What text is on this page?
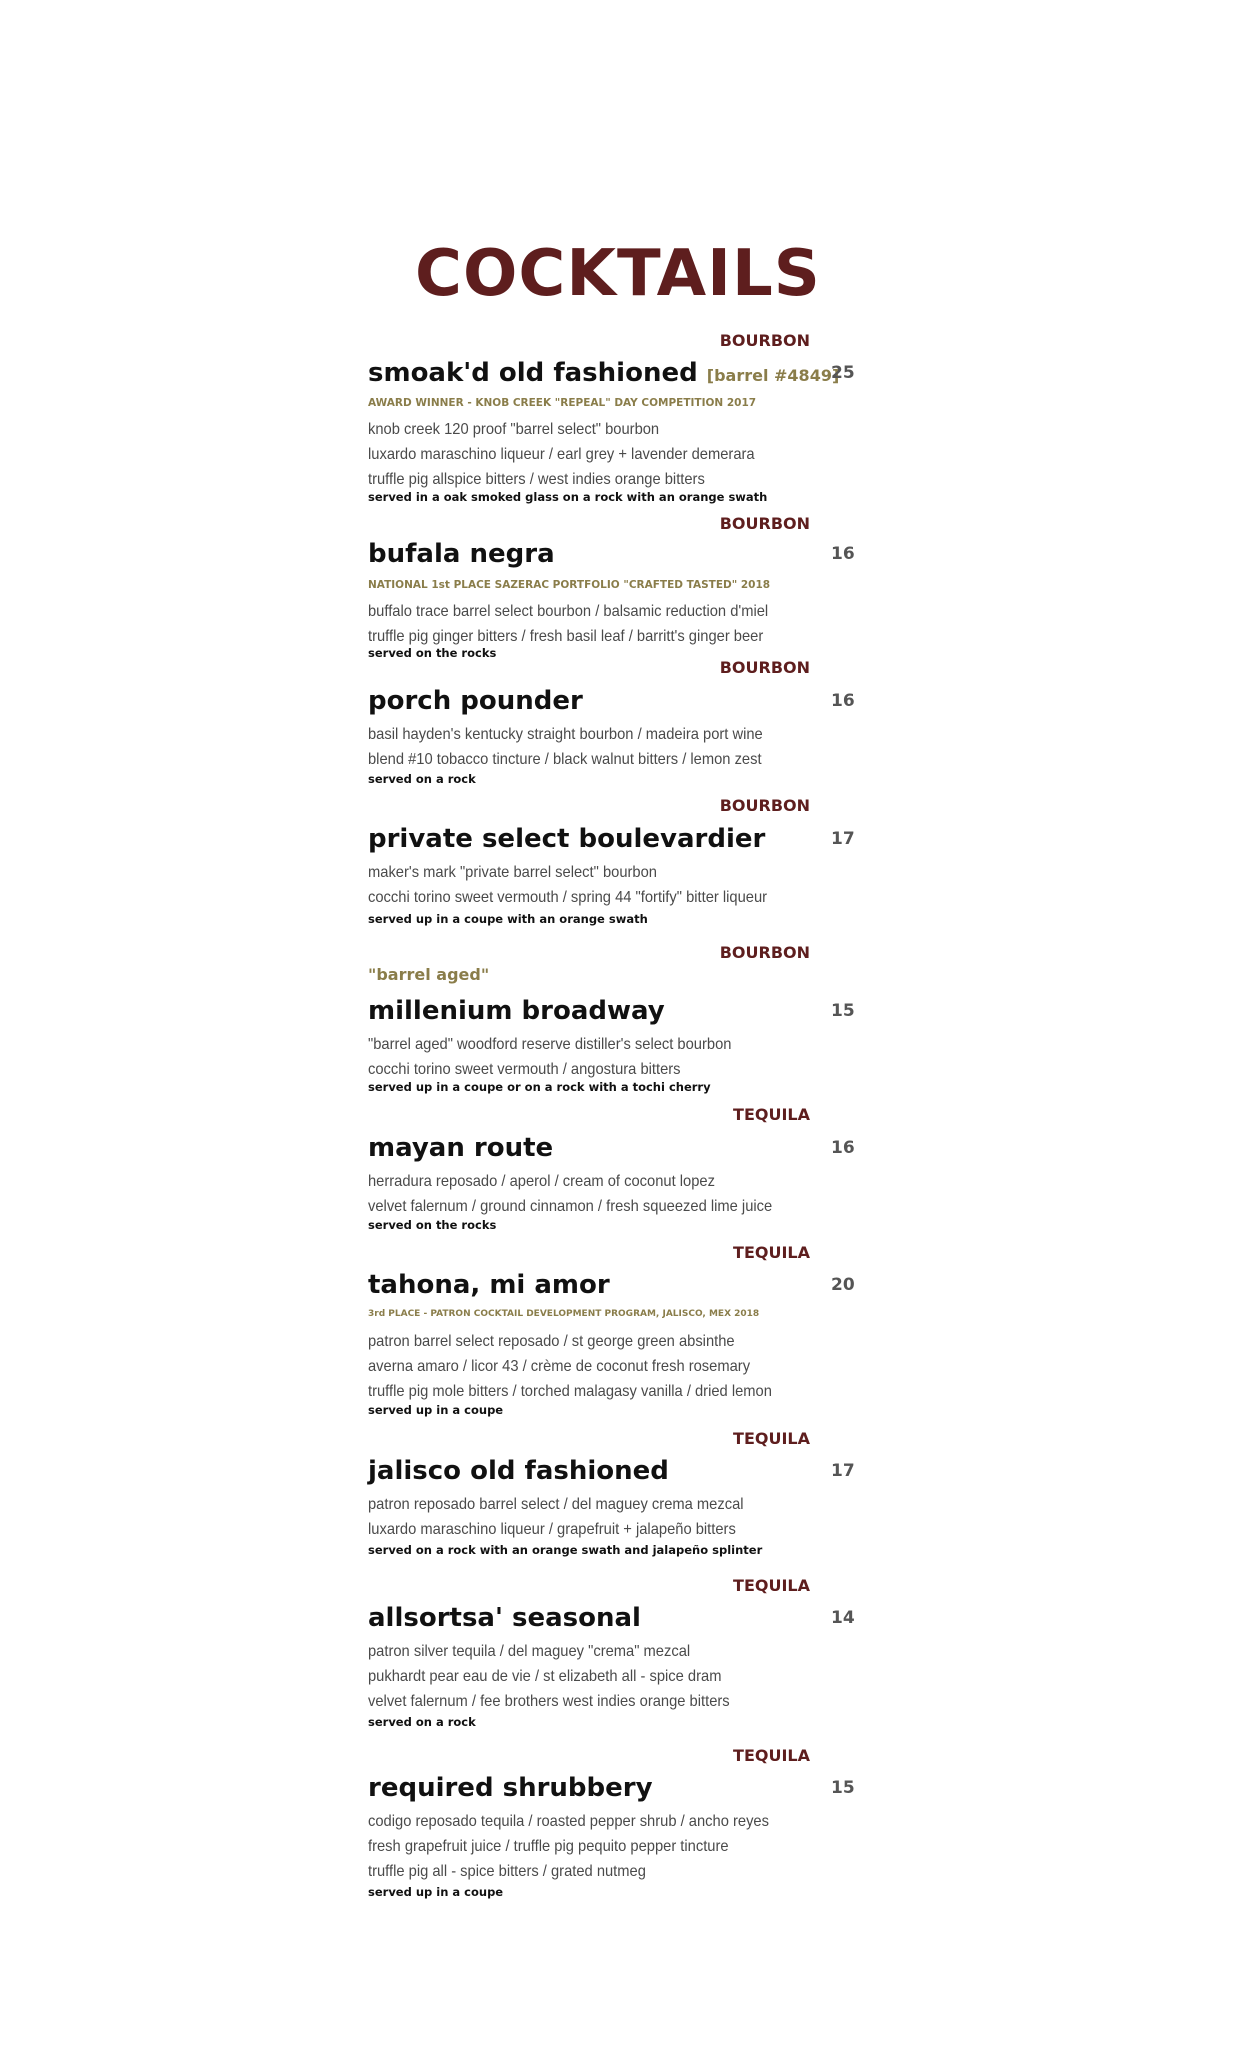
COCKTAILS
BOURBON
smoak'd old fashioned [barrel #4849]
25
AWARD WINNER - KNOB CREEK "REPEAL" DAY COMPETITION 2017
knob creek 120 proof "barrel select" bourbon
luxardo maraschino liqueur / earl grey + lavender demerara
truffle pig allspice bitters / west indies orange bitters
served in a oak smoked glass on a rock with an orange swath
BOURBON
bufala negra	16
NATIONAL 1st PLACE SAZERAC PORTFOLIO "CRAFTED TASTED" 2018
buffalo trace barrel select bourbon / balsamic reduction d'miel
truffle pig ginger bitters / fresh basil leaf / barritt's ginger beer
served on the rocks
BOURBON
porch pounder	16
basil hayden's kentucky straight bourbon / madeira port wine
blend #10 tobacco tincture / black walnut bitters / lemon zest
served on a rock
BOURBON
private select boulevardier	17
maker's mark "private barrel select" bourbon
cocchi torino sweet vermouth / spring 44 "fortify" bitter liqueur
served up in a coupe with an orange swath
BOURBON
"barrel aged"
millenium broadway	15
"barrel aged" woodford reserve distiller's select bourbon
cocchi torino sweet vermouth / angostura bitters
served up in a coupe or on a rock with a tochi cherry
TEQUILA
mayan route	16
herradura reposado / aperol / cream of coconut lopez
velvet falernum / ground cinnamon / fresh squeezed lime juice
served on the rocks
TEQUILA
tahona, mi amor	20
3rd PLACE - PATRON COCKTAIL DEVELOPMENT PROGRAM, JALISCO, MEX 2018
patron barrel select reposado / st george green absinthe
averna amaro / licor 43 / crème de coconut fresh rosemary
truffle pig mole bitters / torched malagasy vanilla / dried lemon
served up in a coupe
TEQUILA
jalisco old fashioned	17
patron reposado barrel select / del maguey crema mezcal
luxardo maraschino liqueur / grapefruit + jalapeño bitters
served on a rock with an orange swath and jalapeño splinter
TEQUILA
allsortsa' seasonal	14
patron silver tequila / del maguey "crema" mezcal
pukhardt pear eau de vie / st elizabeth all - spice dram
velvet falernum / fee brothers west indies orange bitters
served on a rock
TEQUILA
required shrubbery	15
codigo reposado tequila / roasted pepper shrub / ancho reyes
fresh grapefruit juice / truffle pig pequito pepper tincture
truffle pig all - spice bitters / grated nutmeg
served up in a coupe
